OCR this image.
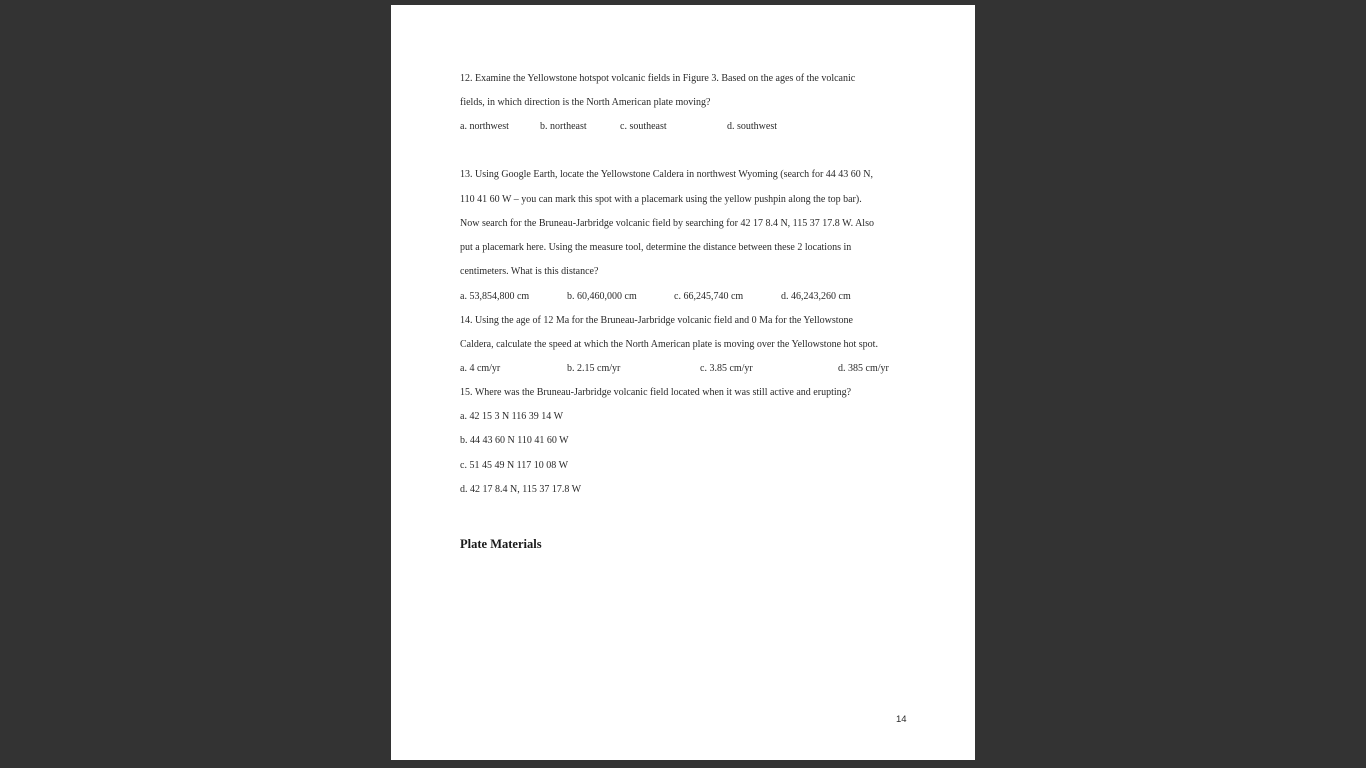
12. Examine the Yellowstone hotspot volcanic fields in Figure 3. Based on the ages of the volcanic
fields, in which direction is the North American plate moving?
a. northwest	b. northeast	c. southeast	d. southwest
13. Using Google Earth, locate the Yellowstone Caldera in northwest Wyoming (search for 44 43 60 N,
110 41 60 W – you can mark this spot with a placemark using the yellow pushpin along the top bar).
Now search for the Bruneau-Jarbridge volcanic field by searching for 42 17 8.4 N, 115 37 17.8 W. Also
put a placemark here. Using the measure tool, determine the distance between these 2 locations in
centimeters. What is this distance?
a. 53,854,800 cm	b. 60,460,000 cm	c. 66,245,740 cm	d. 46,243,260 cm
14. Using the age of 12 Ma for the Bruneau-Jarbridge volcanic field and 0 Ma for the Yellowstone
Caldera, calculate the speed at which the North American plate is moving over the Yellowstone hot spot.
a. 4 cm/yr	b. 2.15 cm/yr	c. 3.85 cm/yr	d. 385 cm/yr
15. Where was the Bruneau-Jarbridge volcanic field located when it was still active and erupting?
a. 42 15 3 N 116 39 14 W
b. 44 43 60 N 110 41 60 W
c. 51 45 49 N 117 10 08 W
d. 42 17 8.4 N, 115 37 17.8 W
Plate Materials
14
